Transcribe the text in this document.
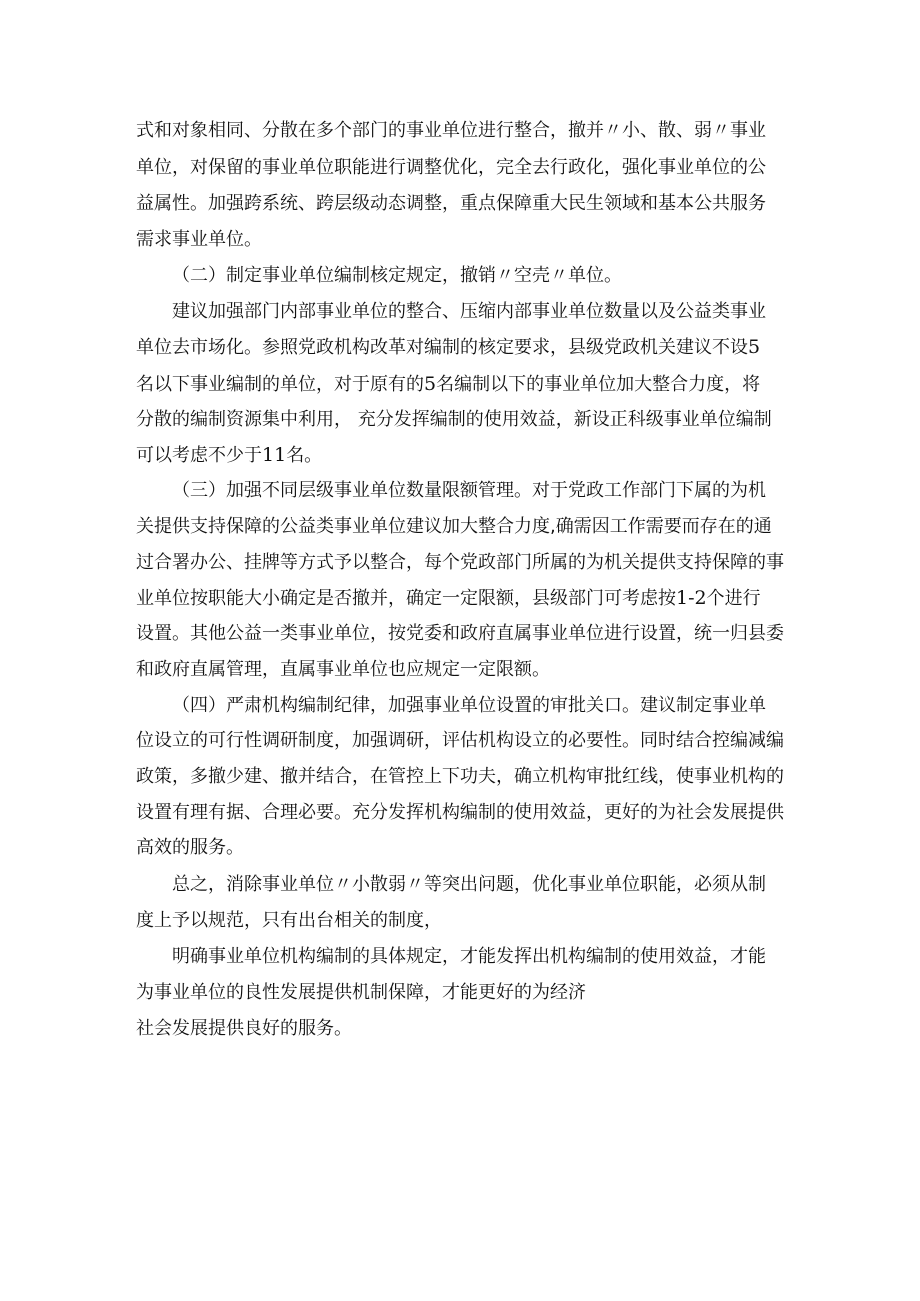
式和对象相同、分散在多个部门的事业单位进行整合，撤并〃小、散、弱〃事业
单位，对保留的事业单位职能进行调整优化，完全去行政化，强化事业单位的公
益属性。加强跨系统、跨层级动态调整，重点保障重大民生领域和基本公共服务
需求事业单位。
（二）制定事业单位编制核定规定，撤销〃空壳〃单位。
建议加强部门内部事业单位的整合、压缩内部事业单位数量以及公益类事业
单位去市场化。参照党政机构改革对编制的核定要求，县级党政机关建议不设5
名以下事业编制的单位，对于原有的5名编制以下的事业单位加大整合力度，将
分散的编制资源集中利用， 充分发挥编制的使用效益，新设正科级事业单位编制
可以考虑不少于11名。
（三）加强不同层级事业单位数量限额管理。对于党政工作部门下属的为机
关提供支持保障的公益类事业单位建议加大整合力度,确需因工作需要而存在的通
过合署办公、挂牌等方式予以整合，每个党政部门所属的为机关提供支持保障的事
业单位按职能大小确定是否撤并，确定一定限额，县级部门可考虑按1-2个进行
设置。其他公益一类事业单位，按党委和政府直属事业单位进行设置，统一归县委
和政府直属管理，直属事业单位也应规定一定限额。
（四）严肃机构编制纪律，加强事业单位设置的审批关口。建议制定事业单
位设立的可行性调研制度，加强调研，评估机构设立的必要性。同时结合控编减编
政策，多撤少建、撤并结合，在管控上下功夫，确立机构审批红线，使事业机构的
设置有理有据、合理必要。充分发挥机构编制的使用效益，更好的为社会发展提供
高效的服务。
总之，消除事业单位〃小散弱〃等突出问题，优化事业单位职能，必须从制
度上予以规范，只有出台相关的制度，
明确事业单位机构编制的具体规定，才能发挥出机构编制的使用效益，才能
为事业单位的良性发展提供机制保障，才能更好的为经济
社会发展提供良好的服务。
